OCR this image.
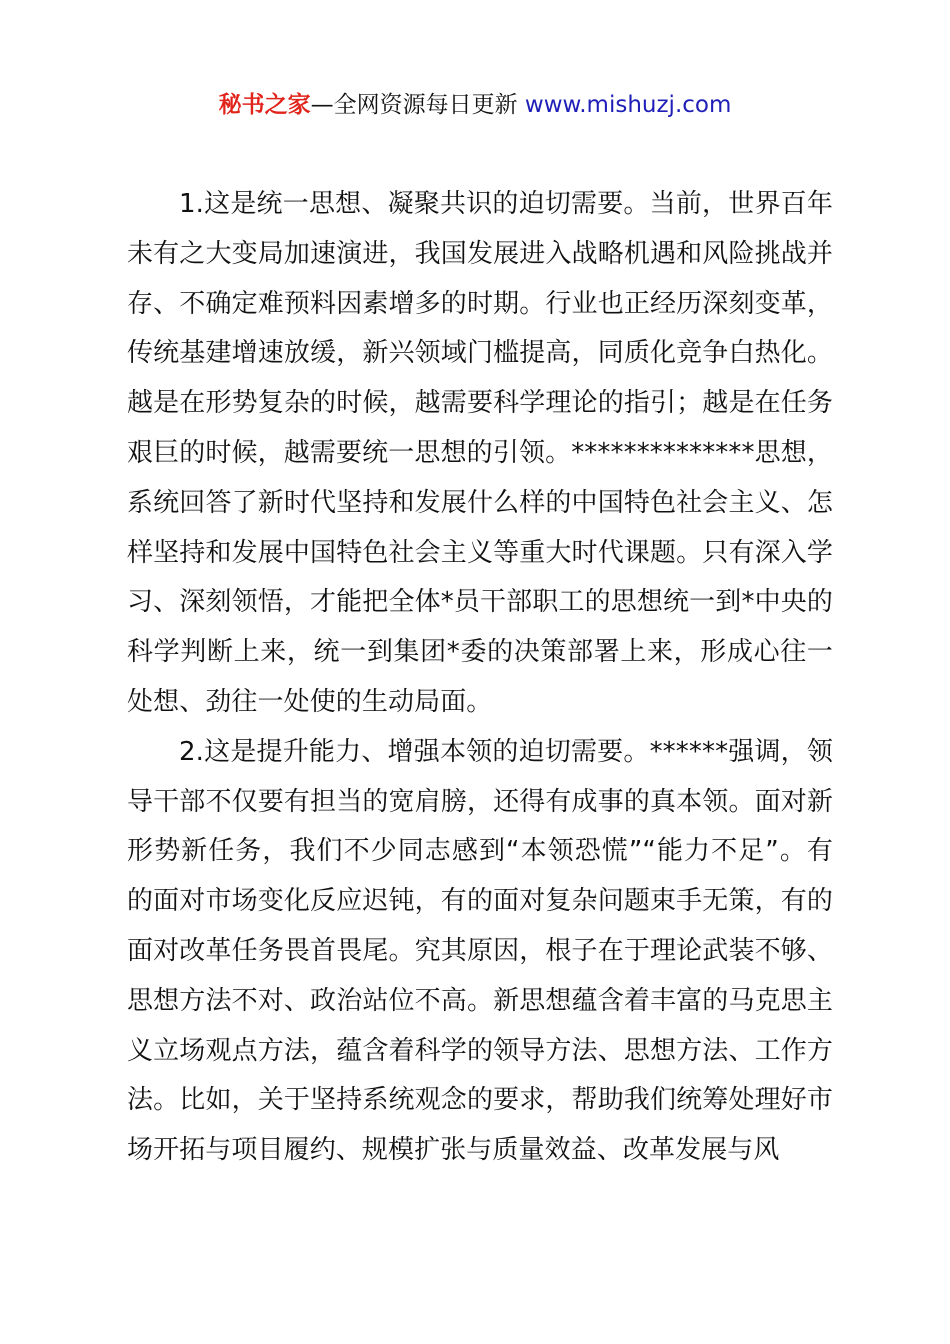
秘书之家—全网资源每日更新 www.mishuzj.com

1.这是统一思想、凝聚共识的迫切需要。当前，世界百年未有之大变局加速演进，我国发展进入战略机遇和风险挑战并存、不确定难预料因素增多的时期。行业也正经历深刻变革，传统基建增速放缓，新兴领域门槛提高，同质化竞争白热化。越是在形势复杂的时候，越需要科学理论的指引；越是在任务艰巨的时候，越需要统一思想的引领。**************思想，系统回答了新时代坚持和发展什么样的中国特色社会主义、怎样坚持和发展中国特色社会主义等重大时代课题。只有深入学习、深刻领悟，才能把全体*员干部职工的思想统一到*中央的科学判断上来，统一到集团*委的决策部署上来，形成心往一处想、劲往一处使的生动局面。

2.这是提升能力、增强本领的迫切需要。******强调，领导干部不仅要有担当的宽肩膀，还得有成事的真本领。面对新形势新任务，我们不少同志感到“本领恐慌”“能力不足”。有的面对市场变化反应迟钝，有的面对复杂问题束手无策，有的面对改革任务畏首畏尾。究其原因，根子在于理论武装不够、思想方法不对、政治站位不高。新思想蕴含着丰富的马克思主义立场观点方法，蕴含着科学的领导方法、思想方法、工作方法。比如，关于坚持系统观念的要求，帮助我们统筹处理好市场开拓与项目履约、规模扩张与质量效益、改革发展与风
